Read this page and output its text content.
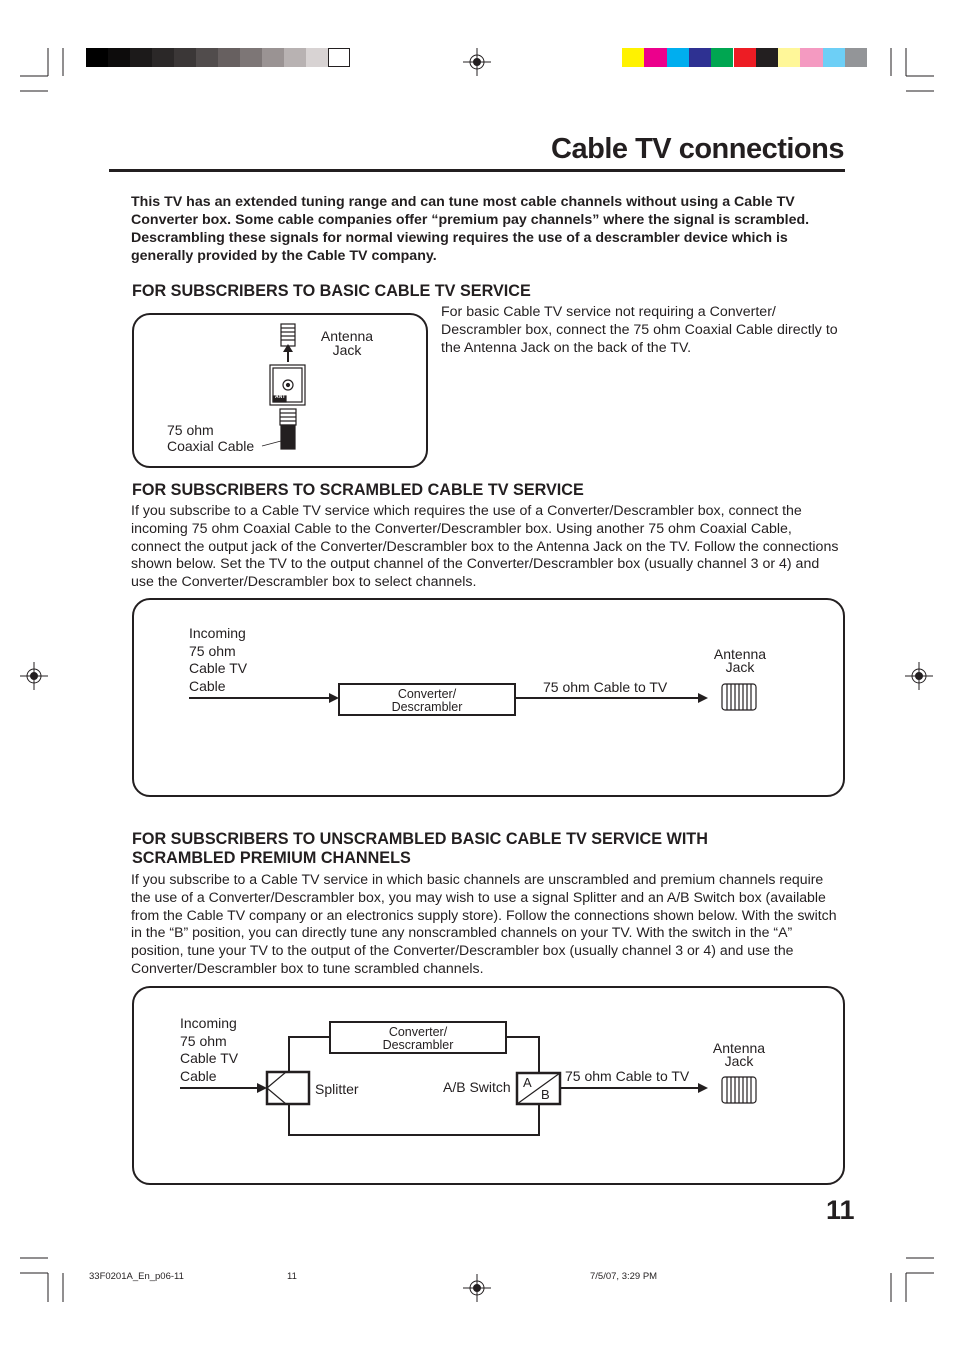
Cable TV connections
This TV has an extended tuning range and can tune most cable channels without using a Cable TV Converter box. Some cable companies offer “premium pay channels” where the signal is scrambled. Descrambling these signals for normal viewing requires the use of a descrambler device which is generally provided by the Cable TV company.
FOR SUBSCRIBERS TO BASIC CABLE TV SERVICE
For basic Cable TV service not requiring a Converter/ Descrambler box, connect the 75 ohm Coaxial Cable directly to the Antenna Jack on the back of the TV.
Antenna
Jack
ANT
75 ohm
Coaxial Cable
FOR SUBSCRIBERS TO SCRAMBLED CABLE TV SERVICE
If you subscribe to a Cable TV service which requires the use of a Converter/Descrambler box, connect the incoming 75 ohm Coaxial Cable to the Converter/Descrambler box. Using another 75 ohm Coaxial Cable, connect the output jack of the Converter/Descrambler box to the Antenna Jack on the TV. Follow the connections shown below. Set the TV to the output channel of the Converter/Descrambler box (usually channel 3 or 4) and use the Converter/Descrambler box to select channels.
Incoming
75 ohm
Cable TV
Cable
Converter/
Descrambler
75 ohm Cable to TV
Antenna
Jack
FOR SUBSCRIBERS TO UNSCRAMBLED BASIC CABLE TV SERVICE WITH
SCRAMBLED PREMIUM CHANNELS
If you subscribe to a Cable TV service in which basic channels are unscrambled and premium channels require the use of a Converter/Descrambler box, you may wish to use a signal Splitter and an A/B Switch box (available from the Cable TV company or an electronics supply store). Follow the connections shown below. With the switch in the “B” position, you can directly tune any nonscrambled channels on your TV. With the switch in the “A” position, tune your TV to the output of the Converter/Descrambler box (usually channel 3 or 4) and use the Converter/Descrambler box to tune scrambled channels.
Incoming
75 ohm
Cable TV
Cable
Converter/
Descrambler
Splitter	A/B Switch A
B
75 ohm Cable to TV
Antenna
Jack
11
33F0201A_En_p06-11	11	7/5/07, 3:29 PM
